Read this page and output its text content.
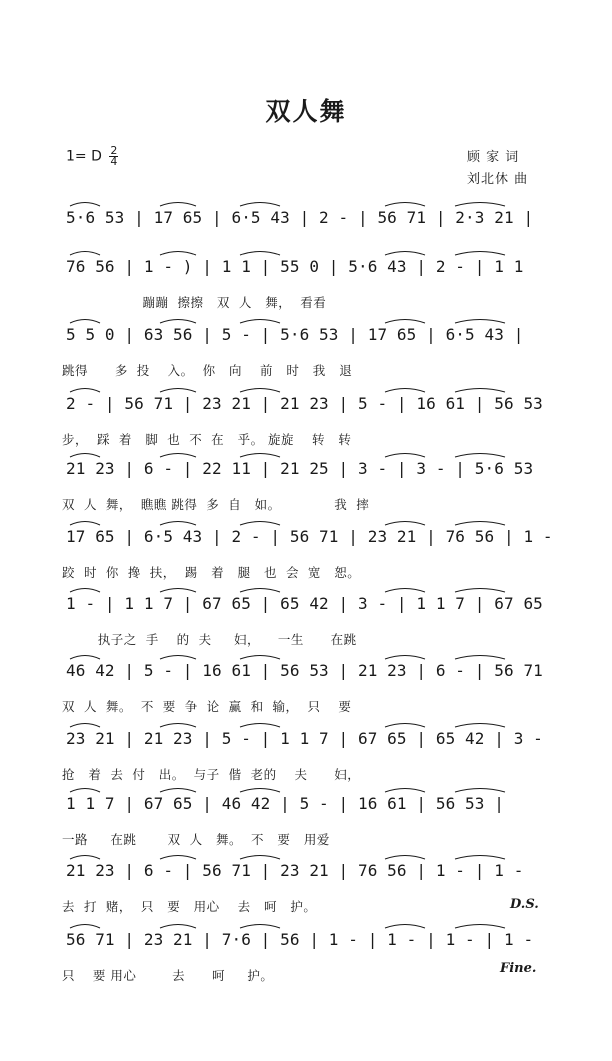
双人舞
1= D $\frac{2}{4}$	顾 家 词
刘北休 曲
5·6 53 | 17 65 | 6·5 43 | 2 - | 56 71 | 2·3 21 |
76 56 | 1 - ) | 1 1 | 55 0 | 5·6 43 | 2 - | 1 1
蹦蹦  擦擦   双  人   舞，  看看
5 5 0 | 63 56 | 5 - | 5·6 53 | 17 65 | 6·5 43 |
跳得      多  投    入。  你   向    前   时   我   退
2 - | 56 71 | 23 21 | 21 23 | 5 - | 16 61 | 56 53
步，  踩  着   脚  也  不  在   乎。 旋旋    转   转
21 23 | 6 - | 22 11 | 21 25 | 3 - | 3 - | 5·6 53
双  人  舞，  瞧瞧 跳得  多  自   如。            我  摔
17 65 | 6·5 43 | 2 - | 56 71 | 23 21 | 76 56 | 1 -
跤  时  你  搀  扶，  踢   着   腿   也  会  宽   恕。
1 - | 1 1 7 | 67 65 | 65 42 | 3 - | 1 1 7 | 67 65
执子之  手    的  夫     妇，    一生      在跳
46 42 | 5 - | 16 61 | 56 53 | 21 23 | 6 - | 56 71
双  人  舞。  不  要  争  论  赢  和  输，  只    要
23 21 | 21 23 | 5 - | 1 1 7 | 67 65 | 65 42 | 3 -
抢   着  去  付   出。  与子  偕  老的    夫      妇，
1 1 7 | 67 65 | 46 42 | 5 - | 16 61 | 56 53 |
一路     在跳       双  人   舞。  不   要   用爱
21 23 | 6 - | 56 71 | 23 21 | 76 56 | 1 - | 1 -
去  打  赌，  只   要   用心    去   呵   护。
56 71 | 23 21 | 7·6 | 56 | 1 - | 1 - | 1 - | 1 -
只    要 用心        去      呵     护。
D.S.
Fine.
